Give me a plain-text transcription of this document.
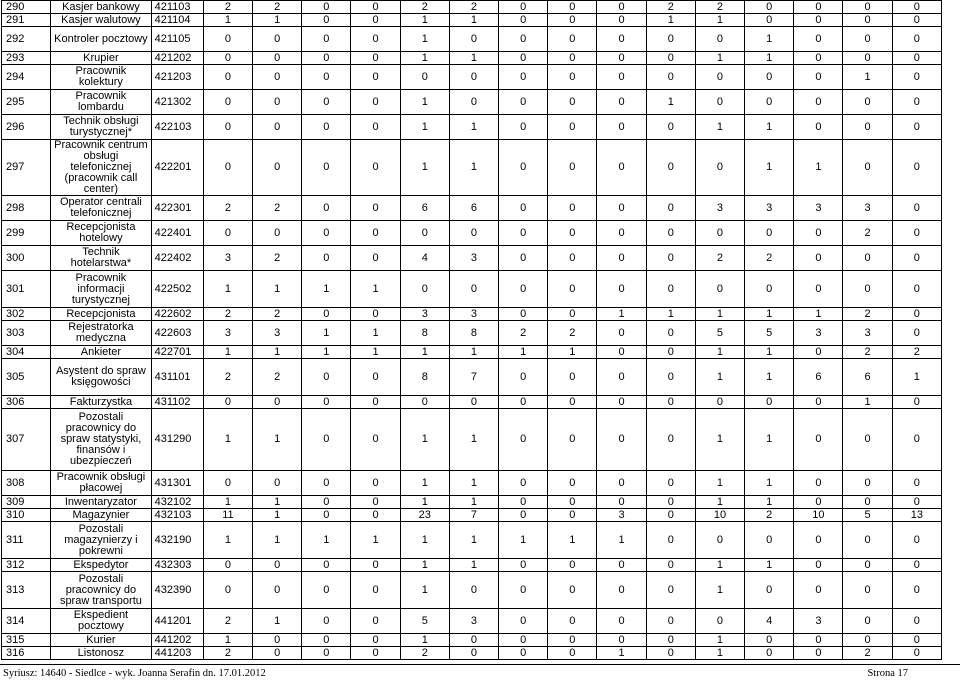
290	Kasjer bankowy	421103	2	2	0	0	2	2	0	0	0	2	2	0	0	0	0
291	Kasjer walutowy	421104	1	1	0	0	1	1	0	0	0	1	1	0	0	0	0
292	Kontroler pocztowy	421105	0	0	0	0	1	0	0	0	0	0	0	1	0	0	0
293	Krupier	421202	0	0	0	0	1	1	0	0	0	0	1	1	0	0	0
294	Pracownik kolektury	421203	0	0	0	0	0	0	0	0	0	0	0	0	0	1	0
295	Pracownik lombardu	421302	0	0	0	0	1	0	0	0	0	1	0	0	0	0	0
296	Technik obsługi turystycznej*	422103	0	0	0	0	1	1	0	0	0	0	1	1	0	0	0
297	Pracownik centrum obsługi telefonicznej (pracownik call center)	422201	0	0	0	0	1	1	0	0	0	0	0	1	1	0	0
298	Operator centrali telefonicznej	422301	2	2	0	0	6	6	0	0	0	0	3	3	3	3	0
299	Recepcjonista hotelowy	422401	0	0	0	0	0	0	0	0	0	0	0	0	0	2	0
300	Technik hotelarstwa*	422402	3	2	0	0	4	3	0	0	0	0	2	2	0	0	0
301	Pracownik informacji turystycznej	422502	1	1	1	1	0	0	0	0	0	0	0	0	0	0	0
302	Recepcjonista	422602	2	2	0	0	3	3	0	0	1	1	1	1	1	2	0
303	Rejestratorka medyczna	422603	3	3	1	1	8	8	2	2	0	0	5	5	3	3	0
304	Ankieter	422701	1	1	1	1	1	1	1	1	0	0	1	1	0	2	2
305	Asystent do spraw księgowości	431101	2	2	0	0	8	7	0	0	0	0	1	1	6	6	1
306	Fakturzystka	431102	0	0	0	0	0	0	0	0	0	0	0	0	0	1	0
307	Pozostali pracownicy do spraw statystyki, finansów i ubezpieczeń	431290	1	1	0	0	1	1	0	0	0	0	1	1	0	0	0
308	Pracownik obsługi płacowej	431301	0	0	0	0	1	1	0	0	0	0	1	1	0	0	0
309	Inwentaryzator	432102	1	1	0	0	1	1	0	0	0	0	1	1	0	0	0
310	Magazynier	432103	11	1	0	0	23	7	0	0	3	0	10	2	10	5	13
311	Pozostali magazynierzy i pokrewni	432190	1	1	1	1	1	1	1	1	1	0	0	0	0	0	0
312	Ekspedytor	432303	0	0	0	0	1	1	0	0	0	0	1	1	0	0	0
313	Pozostali pracownicy do spraw transportu	432390	0	0	0	0	1	0	0	0	0	0	1	0	0	0	0
314	Ekspedient pocztowy	441201	2	1	0	0	5	3	0	0	0	0	0	4	3	0	0
315	Kurier	441202	1	0	0	0	1	0	0	0	0	0	1	0	0	0	0
316	Listonosz	441203	2	0	0	0	2	0	0	0	1	0	1	0	0	2	0
Syriusz: 14640 - Siedlce - wyk. Joanna Serafin dn. 17.01.2012	Strona 17
